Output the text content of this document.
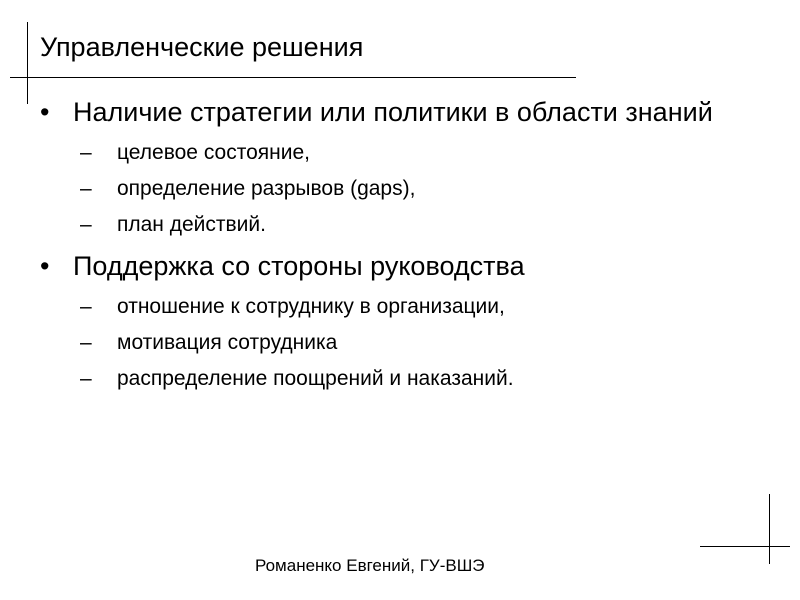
Управленческие решения
• Наличие стратегии или политики в области знаний
– целевое состояние,
– определение разрывов (gaps),
– план действий.
• Поддержка со стороны руководства
– отношение к сотруднику в организации,
– мотивация сотрудника
– распределение поощрений и наказаний.
Романенко Евгений, ГУ-ВШЭ
